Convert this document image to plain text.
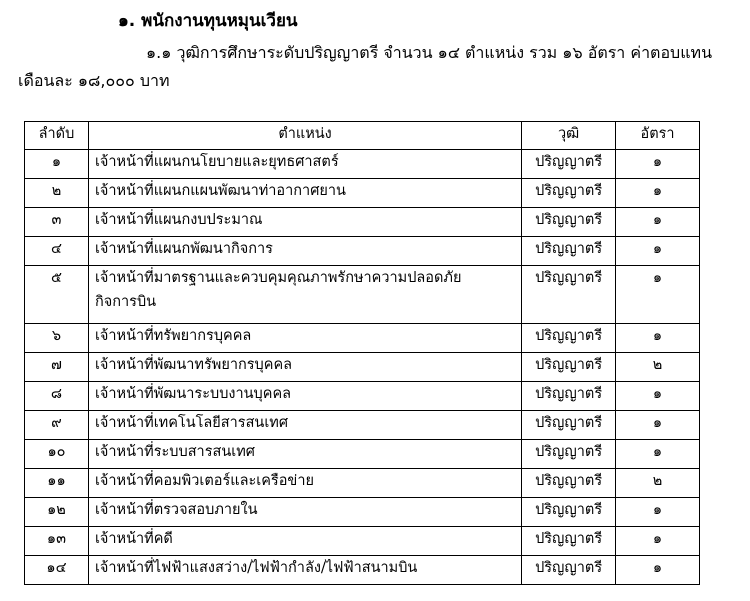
๑. พนักงานทุนหมุนเวียน
๑.๑ วุฒิการศึกษาระดับปริญญาตรี จำนวน ๑๔ ตำแหน่ง รวม ๑๖ อัตรา ค่าตอบแทน
เดือนละ ๑๘,๐๐๐ บาท
ลำดับ	ตำแหน่ง	วุฒิ	อัตรา
๑	เจ้าหน้าที่แผนกนโยบายและยุทธศาสตร์	ปริญญาตรี	๑
๒	เจ้าหน้าที่แผนกแผนพัฒนาท่าอากาศยาน	ปริญญาตรี	๑
๓	เจ้าหน้าที่แผนกงบประมาณ	ปริญญาตรี	๑
๔	เจ้าหน้าที่แผนกพัฒนากิจการ	ปริญญาตรี	๑
๕	เจ้าหน้าที่มาตรฐานและควบคุมคุณภาพรักษาความปลอดภัย
กิจการบิน	ปริญญาตรี	๑
๖	เจ้าหน้าที่ทรัพยากรบุคคล	ปริญญาตรี	๑
๗	เจ้าหน้าที่พัฒนาทรัพยากรบุคคล	ปริญญาตรี	๒
๘	เจ้าหน้าที่พัฒนาระบบงานบุคคล	ปริญญาตรี	๑
๙	เจ้าหน้าที่เทคโนโลยีสารสนเทศ	ปริญญาตรี	๑
๑๐	เจ้าหน้าที่ระบบสารสนเทศ	ปริญญาตรี	๑
๑๑	เจ้าหน้าที่คอมพิวเตอร์และเครือข่าย	ปริญญาตรี	๒
๑๒	เจ้าหน้าที่ตรวจสอบภายใน	ปริญญาตรี	๑
๑๓	เจ้าหน้าที่คดี	ปริญญาตรี	๑
๑๔	เจ้าหน้าที่ไฟฟ้าแสงสว่าง/ไฟฟ้ากำลัง/ไฟฟ้าสนามบิน	ปริญญาตรี	๑
